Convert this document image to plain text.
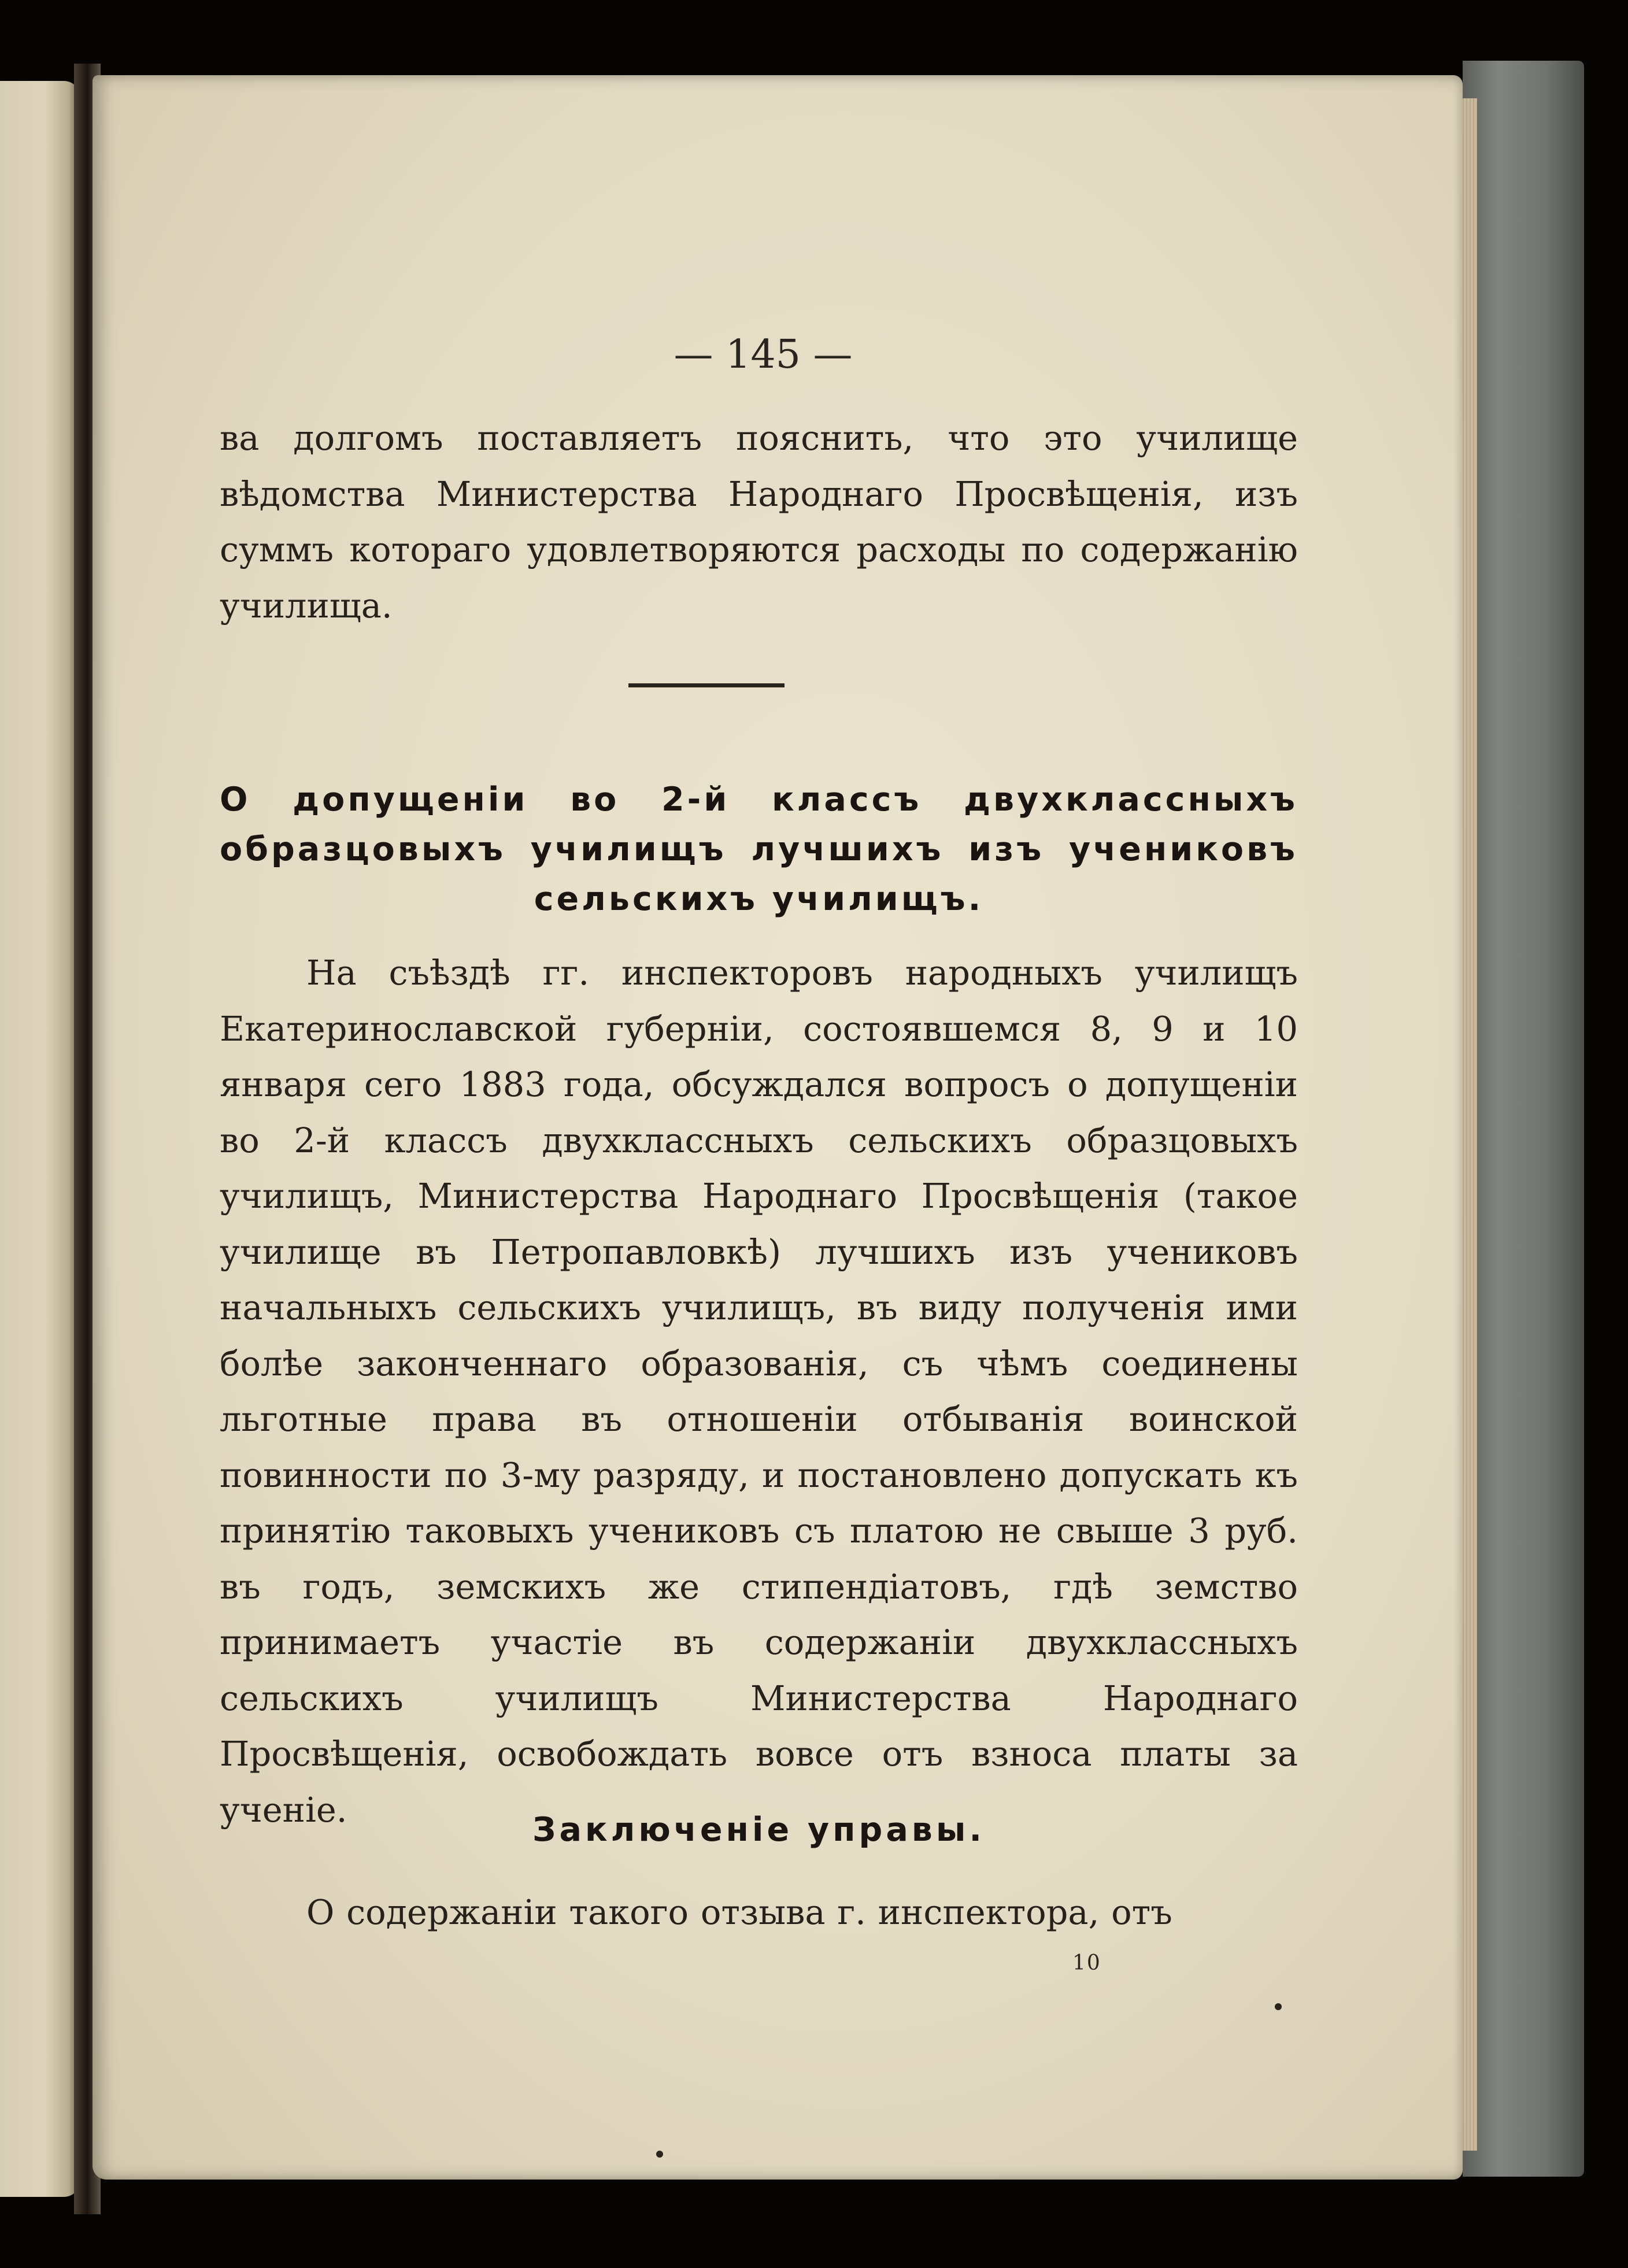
— 145 —

ва долгомъ поставляетъ пояснить, что это училище вѣдомства Министерства Народнаго Просвѣщенія, изъ суммъ котораго удовлетворяются расходы по содержанію училища.

О допущеніи во 2-й классъ двухклассныхъ образцовыхъ училищъ лучшихъ изъ учениковъ сельскихъ училищъ.

На съѣздѣ гг. инспекторовъ народныхъ училищъ Екатеринославской губерніи, состоявшемся 8, 9 и 10 января сего 1883 года, обсуждался вопросъ о допущеніи во 2-й классъ двухклассныхъ сельскихъ образцовыхъ училищъ, Министерства Народнаго Просвѣщенія (такое училище въ Петропавловкѣ) лучшихъ изъ учениковъ начальныхъ сельскихъ училищъ, въ виду полученія ими болѣе законченнаго образованія, съ чѣмъ соединены льготные права въ отношеніи отбыванія воинской повинности по 3-му разряду, и постановлено допускать къ принятію таковыхъ учениковъ съ платою не свыше 3 руб. въ годъ, земскихъ же стипендіатовъ, гдѣ земство принимаетъ участіе въ содержаніи двухклассныхъ сельскихъ училищъ Министерства Народнаго Просвѣщенія, освобождать вовсе отъ взноса платы за ученіе.

Заключеніе управы.

О содержаніи такого отзыва г. инспектора, отъ

10
